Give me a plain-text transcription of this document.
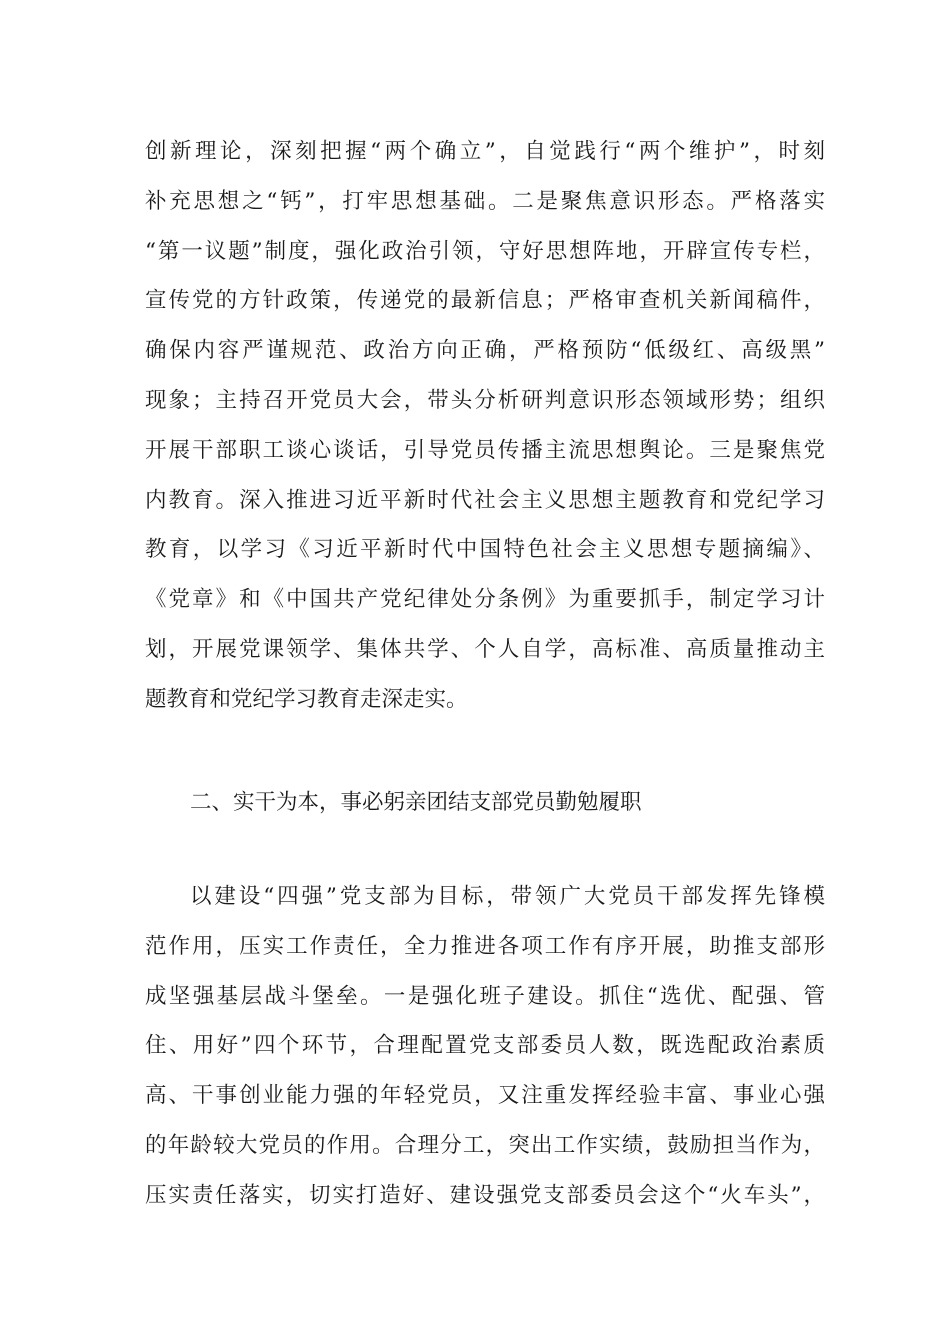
创新理论，深刻把握“两个确立”，自觉践行“两个维护”，时刻
补充思想之“钙”，打牢思想基础。二是聚焦意识形态。严格落实
“第一议题”制度，强化政治引领，守好思想阵地，开辟宣传专栏，
宣传党的方针政策，传递党的最新信息；严格审查机关新闻稿件，
确保内容严谨规范、政治方向正确，严格预防“低级红、高级黑”
现象；主持召开党员大会，带头分析研判意识形态领域形势；组织
开展干部职工谈心谈话，引导党员传播主流思想舆论。三是聚焦党
内教育。深入推进习近平新时代社会主义思想主题教育和党纪学习
教育，以学习《习近平新时代中国特色社会主义思想专题摘编》、
《党章》和《中国共产党纪律处分条例》为重要抓手，制定学习计
划，开展党课领学、集体共学、个人自学，高标准、高质量推动主
题教育和党纪学习教育走深走实。
二、实干为本，事必躬亲团结支部党员勤勉履职
以建设“四强”党支部为目标，带领广大党员干部发挥先锋模
范作用，压实工作责任，全力推进各项工作有序开展，助推支部形
成坚强基层战斗堡垒。一是强化班子建设。抓住“选优、配强、管
住、用好”四个环节，合理配置党支部委员人数，既选配政治素质
高、干事创业能力强的年轻党员，又注重发挥经验丰富、事业心强
的年龄较大党员的作用。合理分工，突出工作实绩，鼓励担当作为，
压实责任落实，切实打造好、建设强党支部委员会这个“火车头”，
